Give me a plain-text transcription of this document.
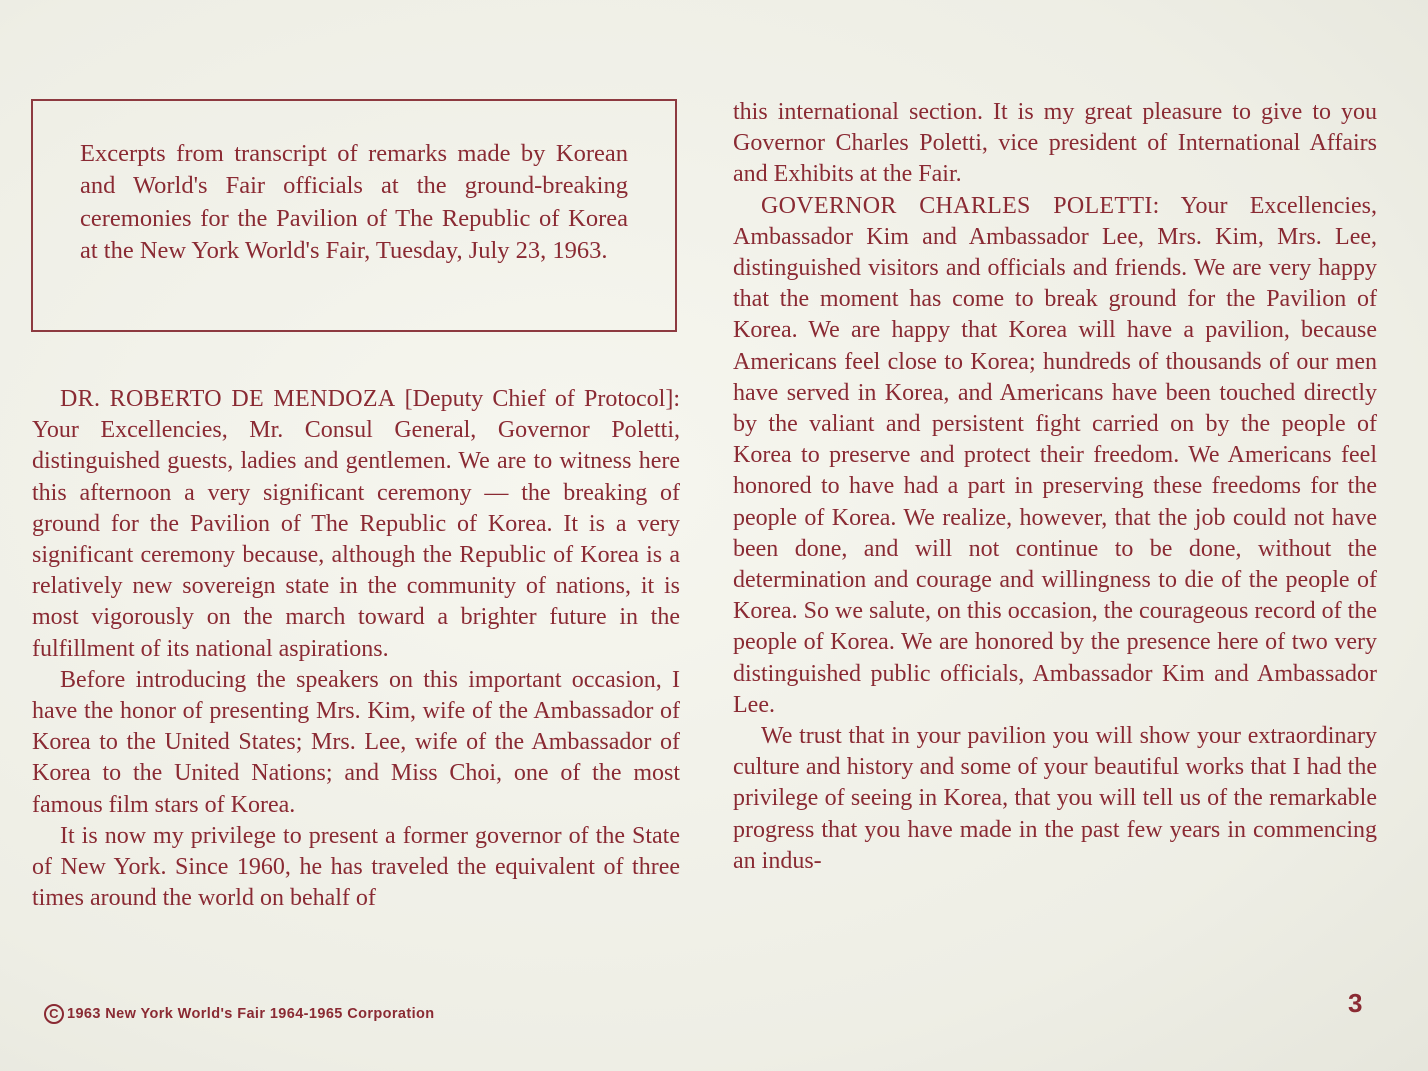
Excerpts from transcript of remarks made by Korean and World's Fair officials at the ground-breaking ceremonies for the Pavilion of The Republic of Korea at the New York World's Fair, Tuesday, July 23, 1963.

DR. ROBERTO DE MENDOZA [Deputy Chief of Protocol]: Your Excellencies, Mr. Consul General, Governor Poletti, distinguished guests, ladies and gentlemen. We are to witness here this afternoon a very significant ceremony — the breaking of ground for the Pavilion of The Republic of Korea. It is a very significant ceremony because, although the Republic of Korea is a relatively new sovereign state in the community of nations, it is most vigorously on the march toward a brighter future in the fulfillment of its national aspirations.

Before introducing the speakers on this important occasion, I have the honor of presenting Mrs. Kim, wife of the Ambassador of Korea to the United States; Mrs. Lee, wife of the Ambassador of Korea to the United Nations; and Miss Choi, one of the most famous film stars of Korea.

It is now my privilege to present a former governor of the State of New York. Since 1960, he has traveled the equivalent of three times around the world on behalf of

this international section. It is my great pleasure to give to you Governor Charles Poletti, vice president of International Affairs and Exhibits at the Fair.

GOVERNOR CHARLES POLETTI: Your Excellencies, Ambassador Kim and Ambassador Lee, Mrs. Kim, Mrs. Lee, distinguished visitors and officials and friends. We are very happy that the moment has come to break ground for the Pavilion of Korea. We are happy that Korea will have a pavilion, because Americans feel close to Korea; hundreds of thousands of our men have served in Korea, and Americans have been touched directly by the valiant and persistent fight carried on by the people of Korea to preserve and protect their freedom. We Americans feel honored to have had a part in preserving these freedoms for the people of Korea. We realize, however, that the job could not have been done, and will not continue to be done, without the determination and courage and willingness to die of the people of Korea. So we salute, on this occasion, the courageous record of the people of Korea. We are honored by the presence here of two very distinguished public officials, Ambassador Kim and Ambassador Lee.

We trust that in your pavilion you will show your extraordinary culture and history and some of your beautiful works that I had the privilege of seeing in Korea, that you will tell us of the remarkable progress that you have made in the past few years in commencing an indus-

C 1963 New York World's Fair 1964-1965 Corporation	3
